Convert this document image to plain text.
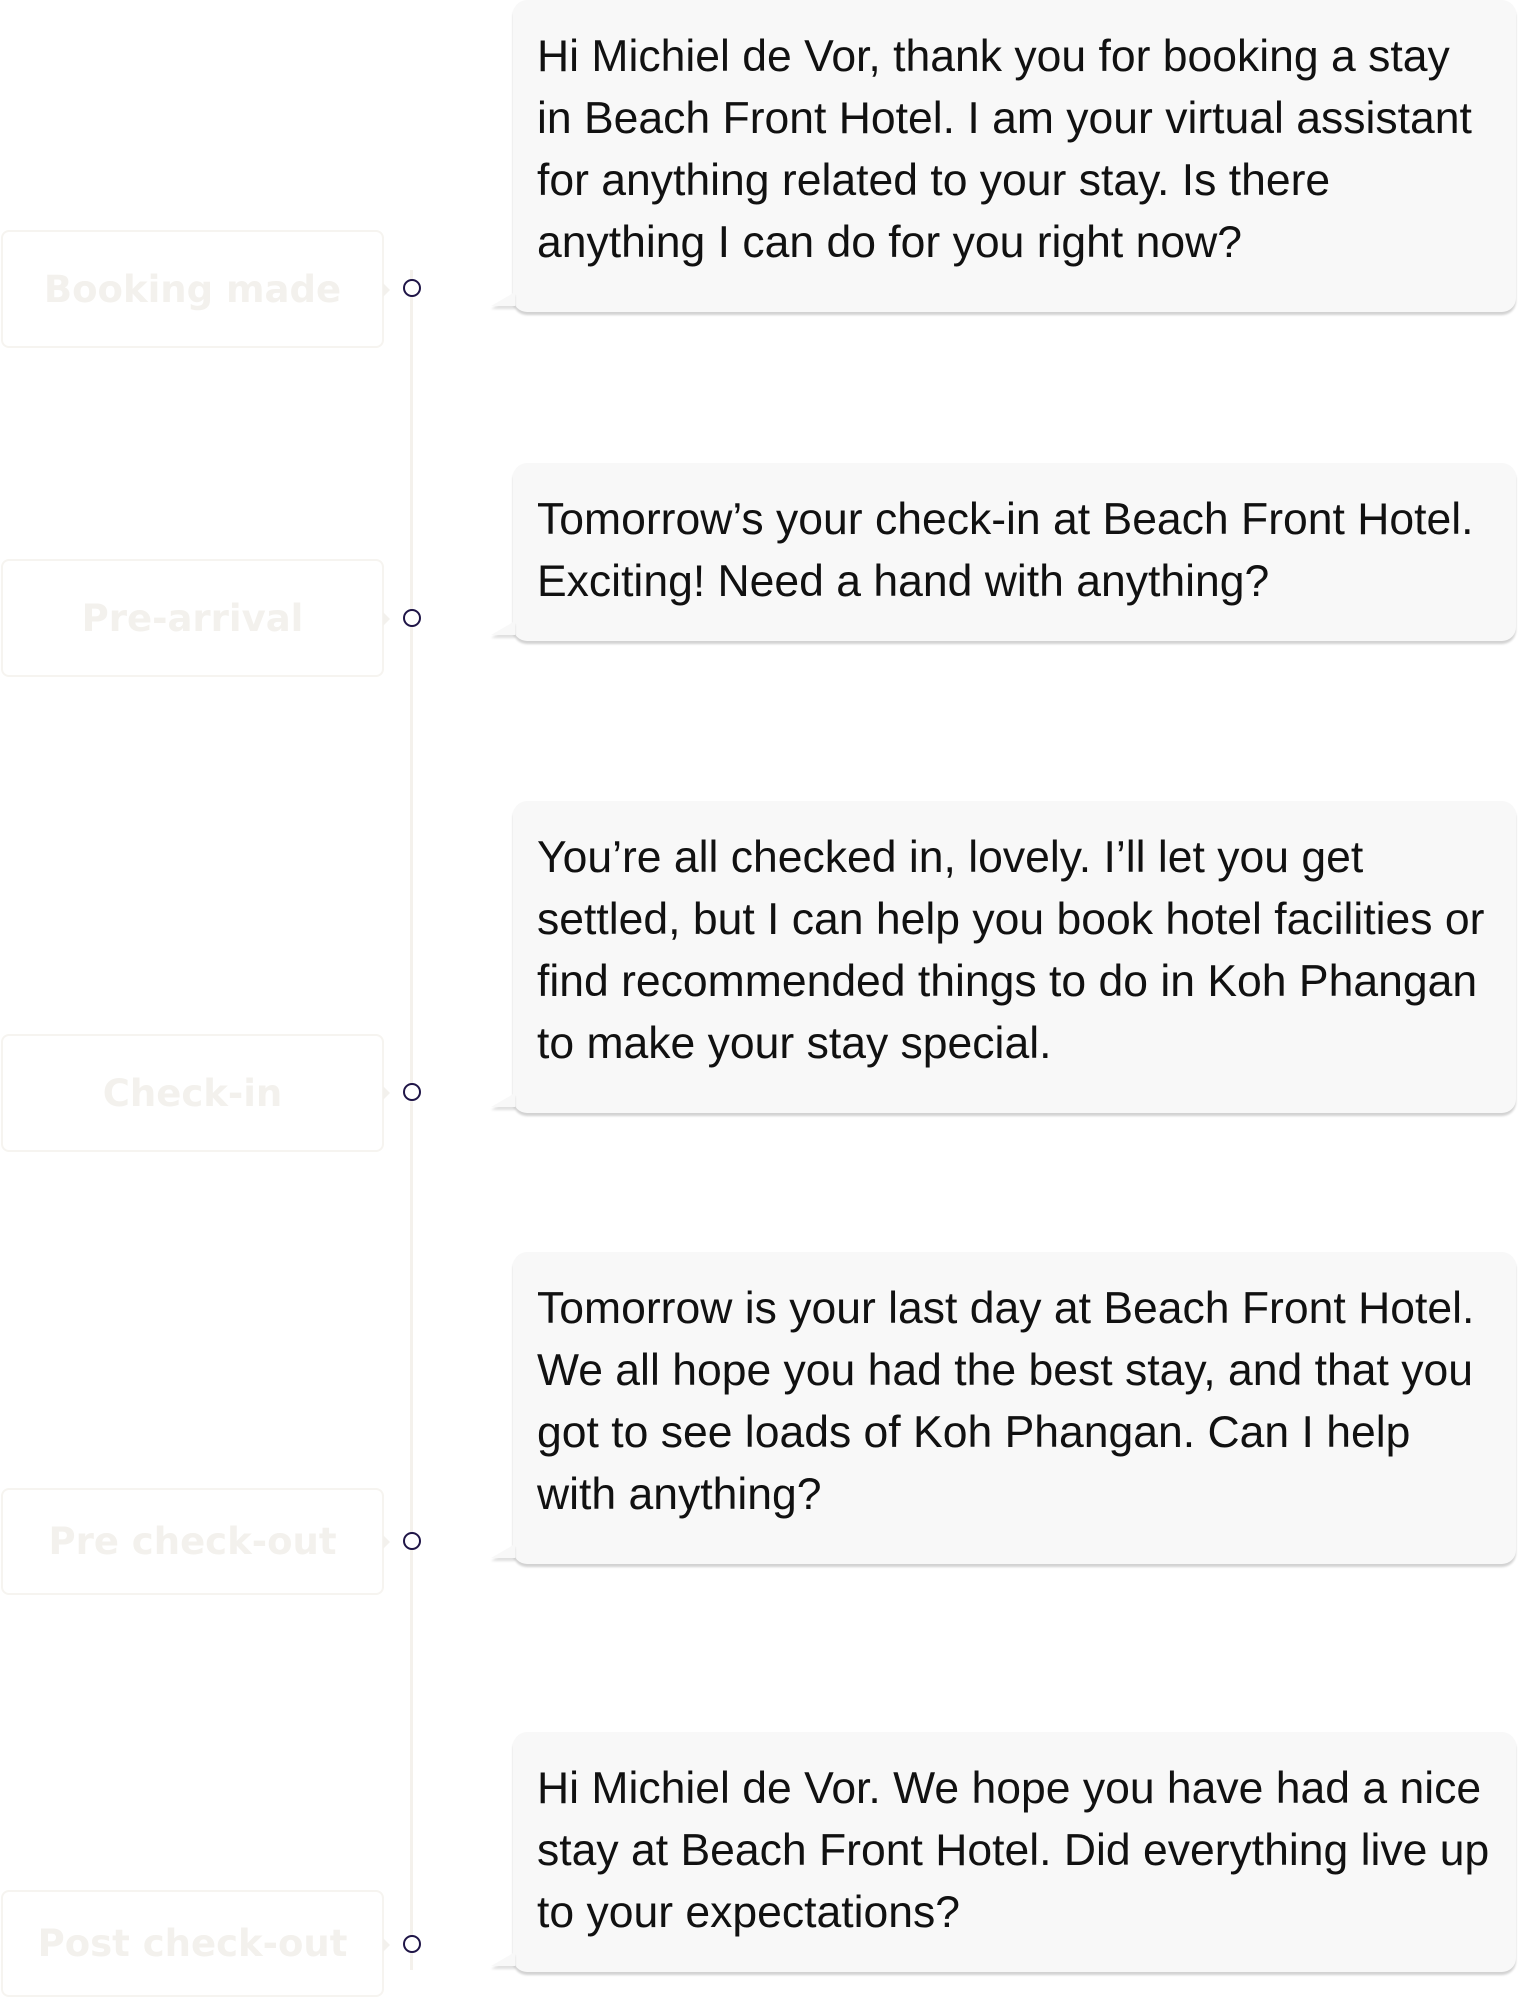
Booking made

Hi Michiel de Vor, thank you for booking a stay in Beach Front Hotel. I am your virtual assistant for anything related to your stay. Is there anything I can do for you right now?

Pre-arrival

Tomorrow’s your check-in at Beach Front Hotel. Exciting! Need a hand with anything?

Check-in

You’re all checked in, lovely. I’ll let you get settled, but I can help you book hotel facilities or find recommended things to do in Koh Phangan to make your stay special.

Pre check-out

Tomorrow is your last day at Beach Front Hotel. We all hope you had the best stay, and that you got to see loads of Koh Phangan. Can I help with anything?

Post check-out

Hi Michiel de Vor. We hope you have had a nice stay at Beach Front Hotel. Did everything live up to your expectations?
